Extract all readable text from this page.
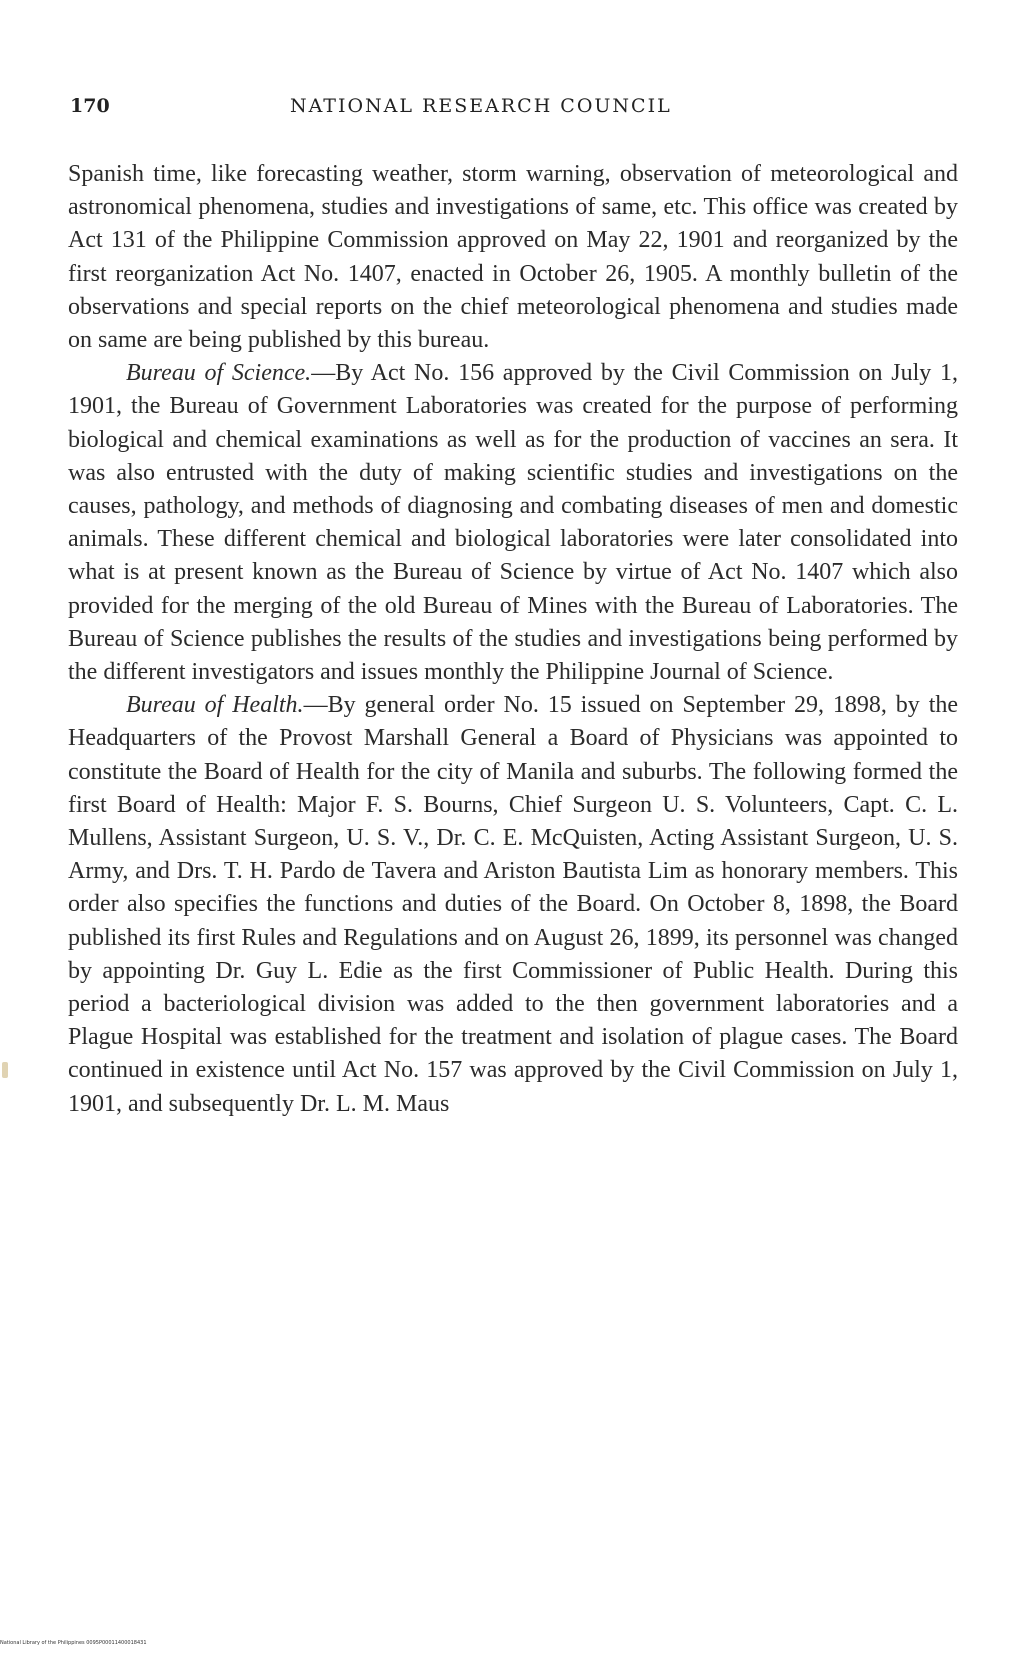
170	NATIONAL RESEARCH COUNCIL

Spanish time, like forecasting weather, storm warning, observation of meteorological and astronomical phenomena, studies and investigations of same, etc. This office was created by Act 131 of the Philippine Commission approved on May 22, 1901 and reorganized by the first reorganization Act No. 1407, enacted in October 26, 1905. A monthly bulletin of the observations and special reports on the chief meteorological phenomena and studies made on same are being published by this bureau.

Bureau of Science.—By Act No. 156 approved by the Civil Commission on July 1, 1901, the Bureau of Government Laboratories was created for the purpose of performing biological and chemical examinations as well as for the production of vaccines an sera. It was also entrusted with the duty of making scientific studies and investigations on the causes, pathology, and methods of diagnosing and combating diseases of men and domestic animals. These different chemical and biological laboratories were later consolidated into what is at present known as the Bureau of Science by virtue of Act No. 1407 which also provided for the merging of the old Bureau of Mines with the Bureau of Laboratories. The Bureau of Science publishes the results of the studies and investigations being performed by the different investigators and issues monthly the Philippine Journal of Science.

Bureau of Health.—By general order No. 15 issued on September 29, 1898, by the Headquarters of the Provost Marshall General a Board of Physicians was appointed to constitute the Board of Health for the city of Manila and suburbs. The following formed the first Board of Health: Major F. S. Bourns, Chief Surgeon U. S. Volunteers, Capt. C. L. Mullens, Assistant Surgeon, U. S. V., Dr. C. E. McQuisten, Acting Assistant Surgeon, U. S. Army, and Drs. T. H. Pardo de Tavera and Ariston Bautista Lim as honorary members. This order also specifies the functions and duties of the Board. On October 8, 1898, the Board published its first Rules and Regulations and on August 26, 1899, its personnel was changed by appointing Dr. Guy L. Edie as the first Commissioner of Public Health. During this period a bacteriological division was added to the then government laboratories and a Plague Hospital was established for the treatment and isolation of plague cases. The Board continued in existence until Act No. 157 was approved by the Civil Commission on July 1, 1901, and subsequently Dr. L. M. Maus

National Library of the Philippines 0095P00011400018431
